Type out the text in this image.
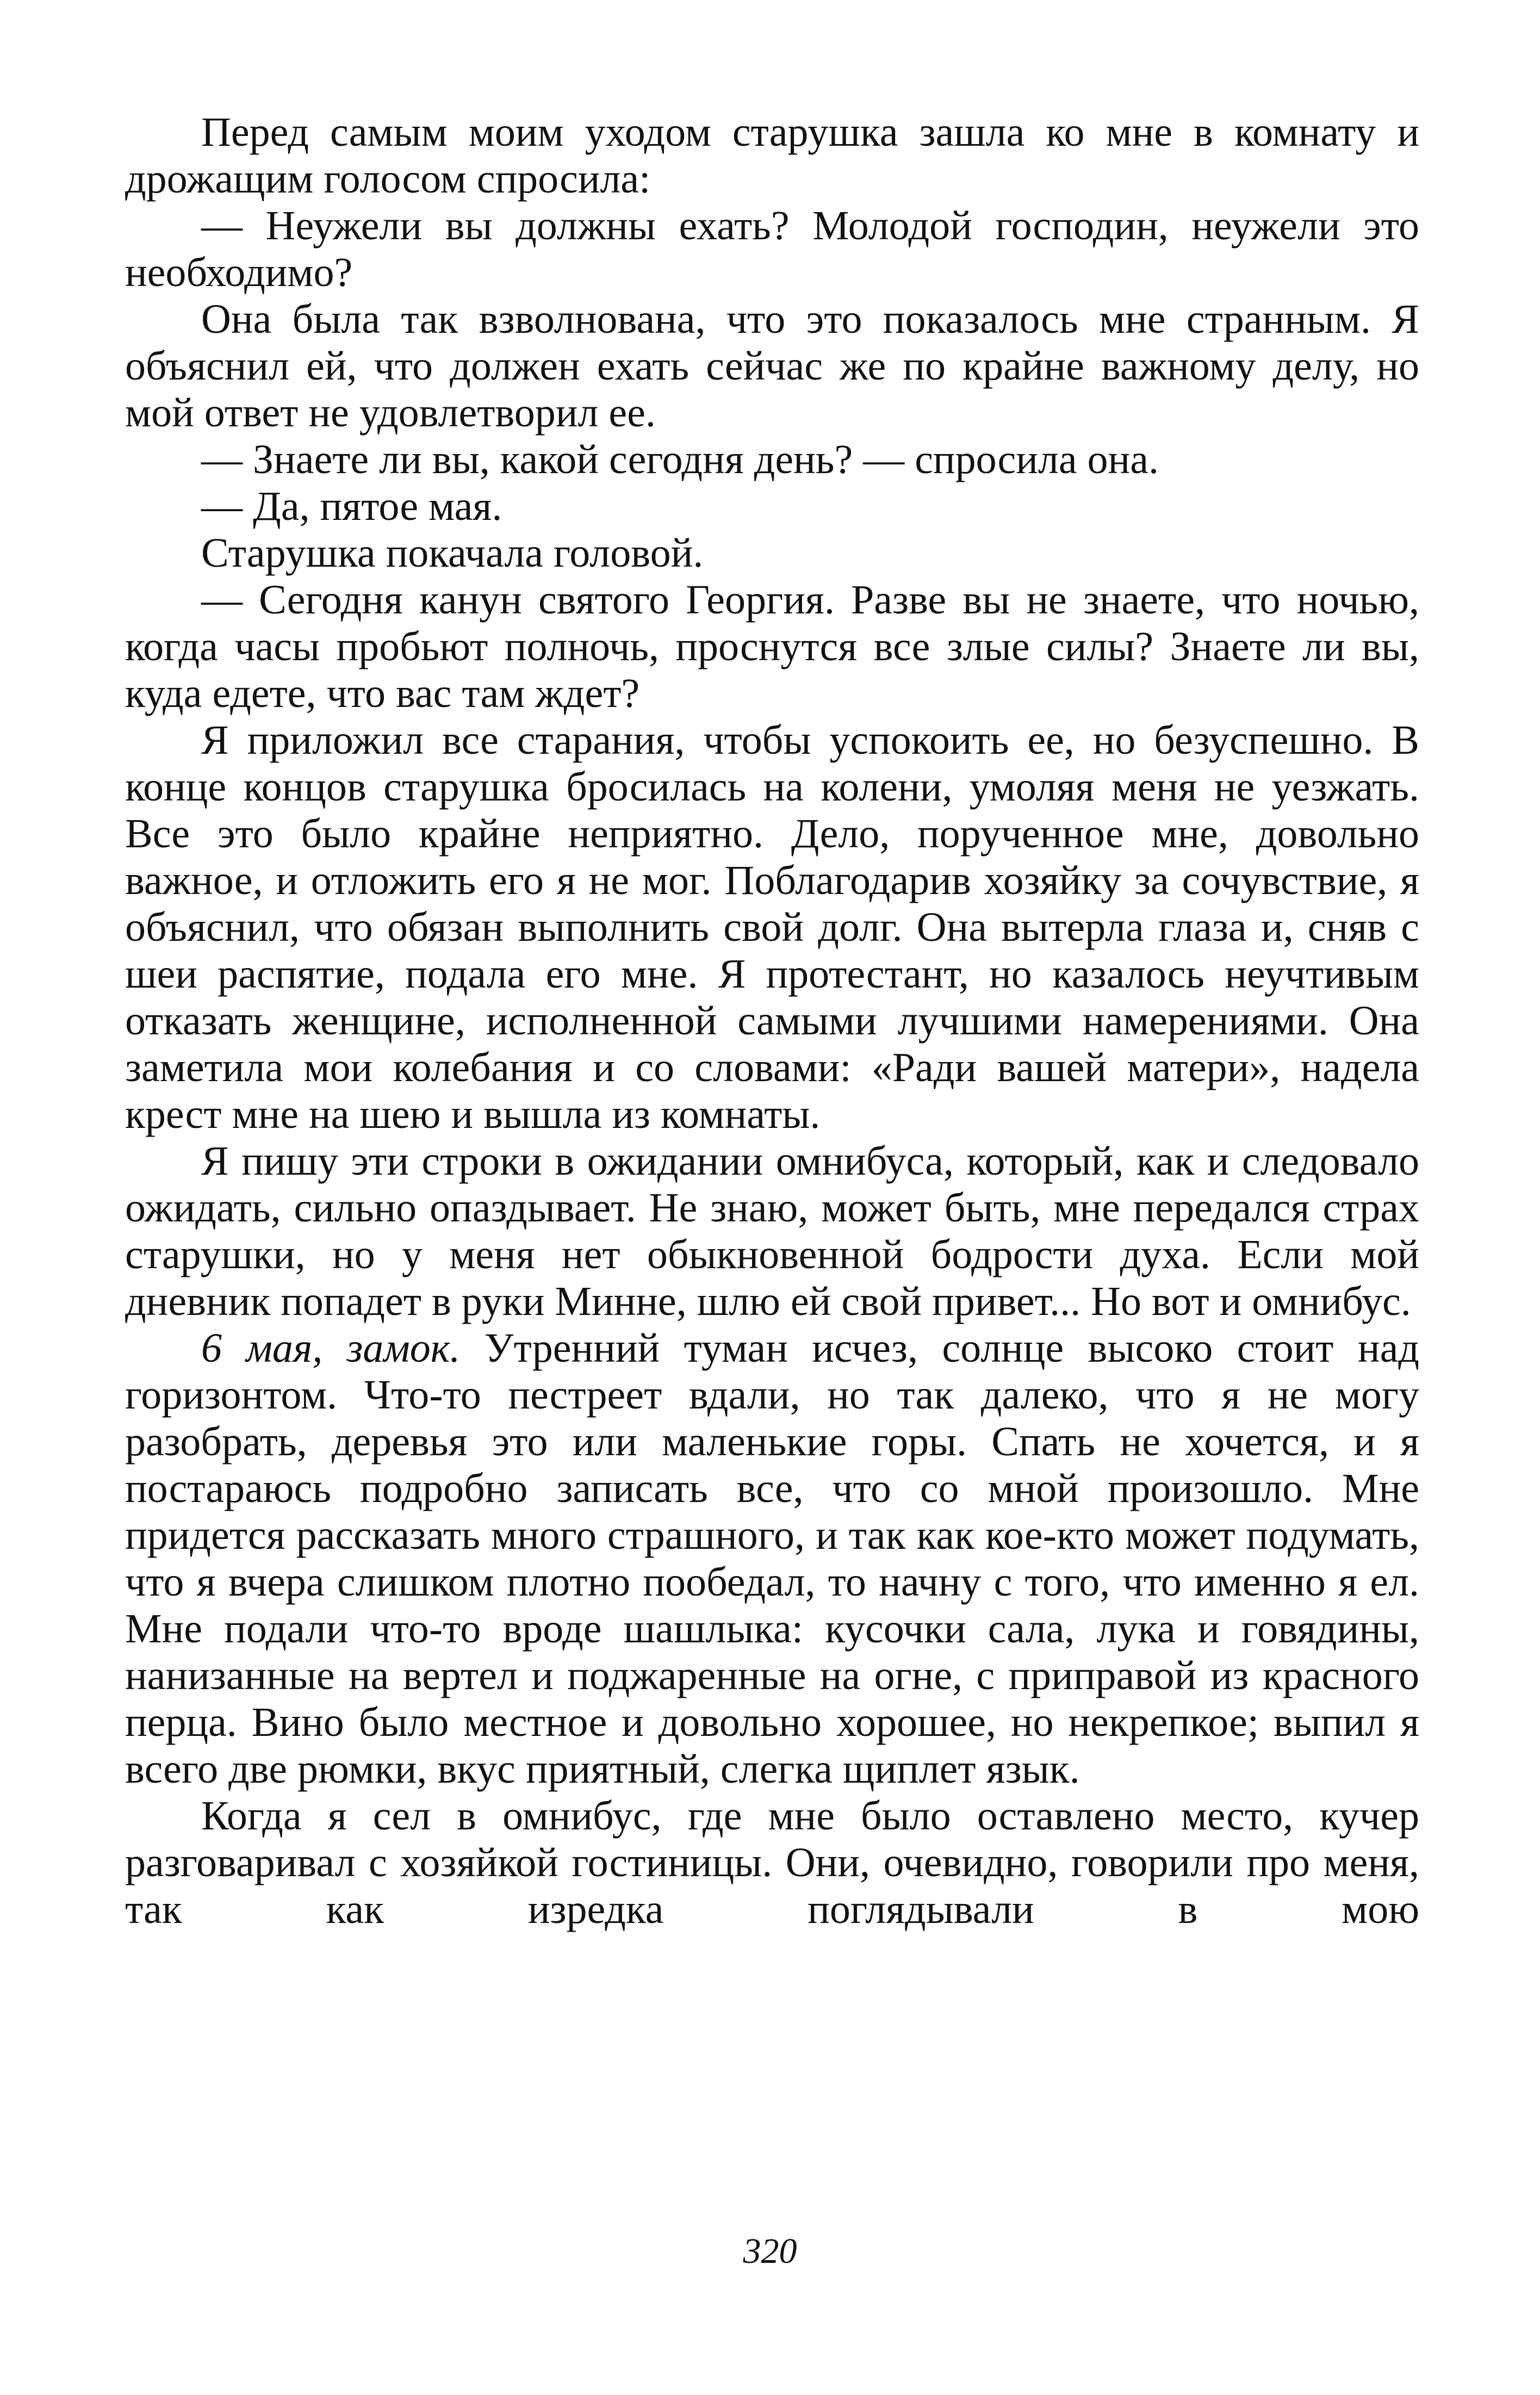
Перед самым моим уходом старушка зашла ко мне в комнату и дрожащим голосом спросила:

— Неужели вы должны ехать? Молодой господин, неужели это необходимо?

Она была так взволнована, что это показалось мне странным. Я объяснил ей, что должен ехать сейчас же по крайне важному делу, но мой ответ не удовлетворил ее.

— Знаете ли вы, какой сегодня день? — спросила она.

— Да, пятое мая.

Старушка покачала головой.

— Сегодня канун святого Георгия. Разве вы не знаете, что ночью, когда часы пробьют полночь, проснутся все злые силы? Знаете ли вы, куда едете, что вас там ждет?

Я приложил все старания, чтобы успокоить ее, но безуспешно. В конце концов старушка бросилась на колени, умоляя меня не уезжать. Все это было крайне неприятно. Дело, порученное мне, довольно важное, и отложить его я не мог. Поблагодарив хозяйку за сочувствие, я объяснил, что обязан выполнить свой долг. Она вытерла глаза и, сняв с шеи распятие, подала его мне. Я протестант, но казалось неучтивым отказать женщине, исполненной самыми лучшими намерениями. Она заметила мои колебания и со словами: «Ради вашей матери», надела крест мне на шею и вышла из комнаты.

Я пишу эти строки в ожидании омнибуса, который, как и следовало ожидать, сильно опаздывает. Не знаю, может быть, мне передался страх старушки, но у меня нет обыкновенной бодрости духа. Если мой дневник попадет в руки Минне, шлю ей свой привет... Но вот и омнибус.

6 мая, замок. Утренний туман исчез, солнце высоко стоит над горизонтом. Что-то пестреет вдали, но так далеко, что я не могу разобрать, деревья это или маленькие горы. Спать не хочется, и я постараюсь подробно записать все, что со мной произошло. Мне придется рассказать много страшного, и так как кое-кто может подумать, что я вчера слишком плотно пообедал, то начну с того, что именно я ел. Мне подали что-то вроде шашлыка: кусочки сала, лука и говядины, нанизанные на вертел и поджаренные на огне, с приправой из красного перца. Вино было местное и довольно хорошее, но некрепкое; выпил я всего две рюмки, вкус приятный, слегка щиплет язык.

Когда я сел в омнибус, где мне было оставлено место, кучер разговаривал с хозяйкой гостиницы. Они, очевидно, говорили про меня, так как изредка поглядывали в мою

320
